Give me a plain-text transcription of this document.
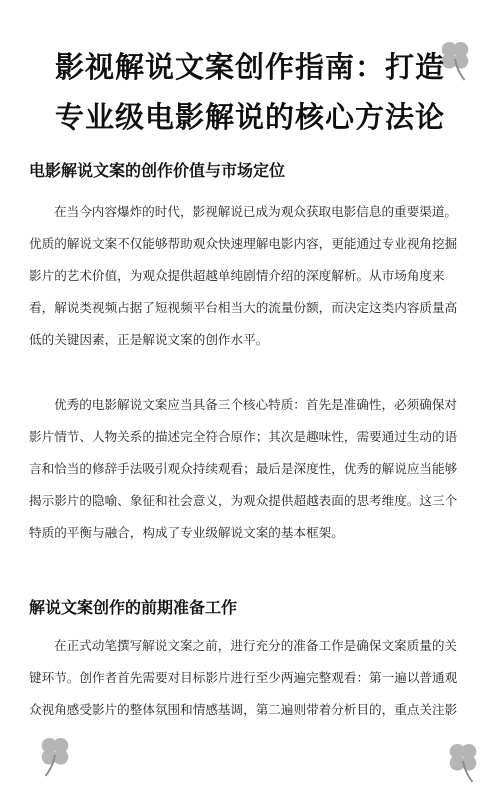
影视解说文案创作指南：打造
专业级电影解说的核心方法论
电影解说文案的创作价值与市场定位

在当今内容爆炸的时代，影视解说已成为观众获取电影信息的重要渠道。
优质的解说文案不仅能够帮助观众快速理解电影内容，更能通过专业视角挖掘
影片的艺术价值，为观众提供超越单纯剧情介绍的深度解析。从市场角度来
看，解说类视频占据了短视频平台相当大的流量份额，而决定这类内容质量高
低的关键因素，正是解说文案的创作水平。

优秀的电影解说文案应当具备三个核心特质：首先是准确性，必须确保对
影片情节、人物关系的描述完全符合原作；其次是趣味性，需要通过生动的语
言和恰当的修辞手法吸引观众持续观看；最后是深度性，优秀的解说应当能够
揭示影片的隐喻、象征和社会意义，为观众提供超越表面的思考维度。这三个
特质的平衡与融合，构成了专业级解说文案的基本框架。

解说文案创作的前期准备工作

在正式动笔撰写解说文案之前，进行充分的准备工作是确保文案质量的关
键环节。创作者首先需要对目标影片进行至少两遍完整观看：第一遍以普通观
众视角感受影片的整体氛围和情感基调，第二遍则带着分析目的，重点关注影
